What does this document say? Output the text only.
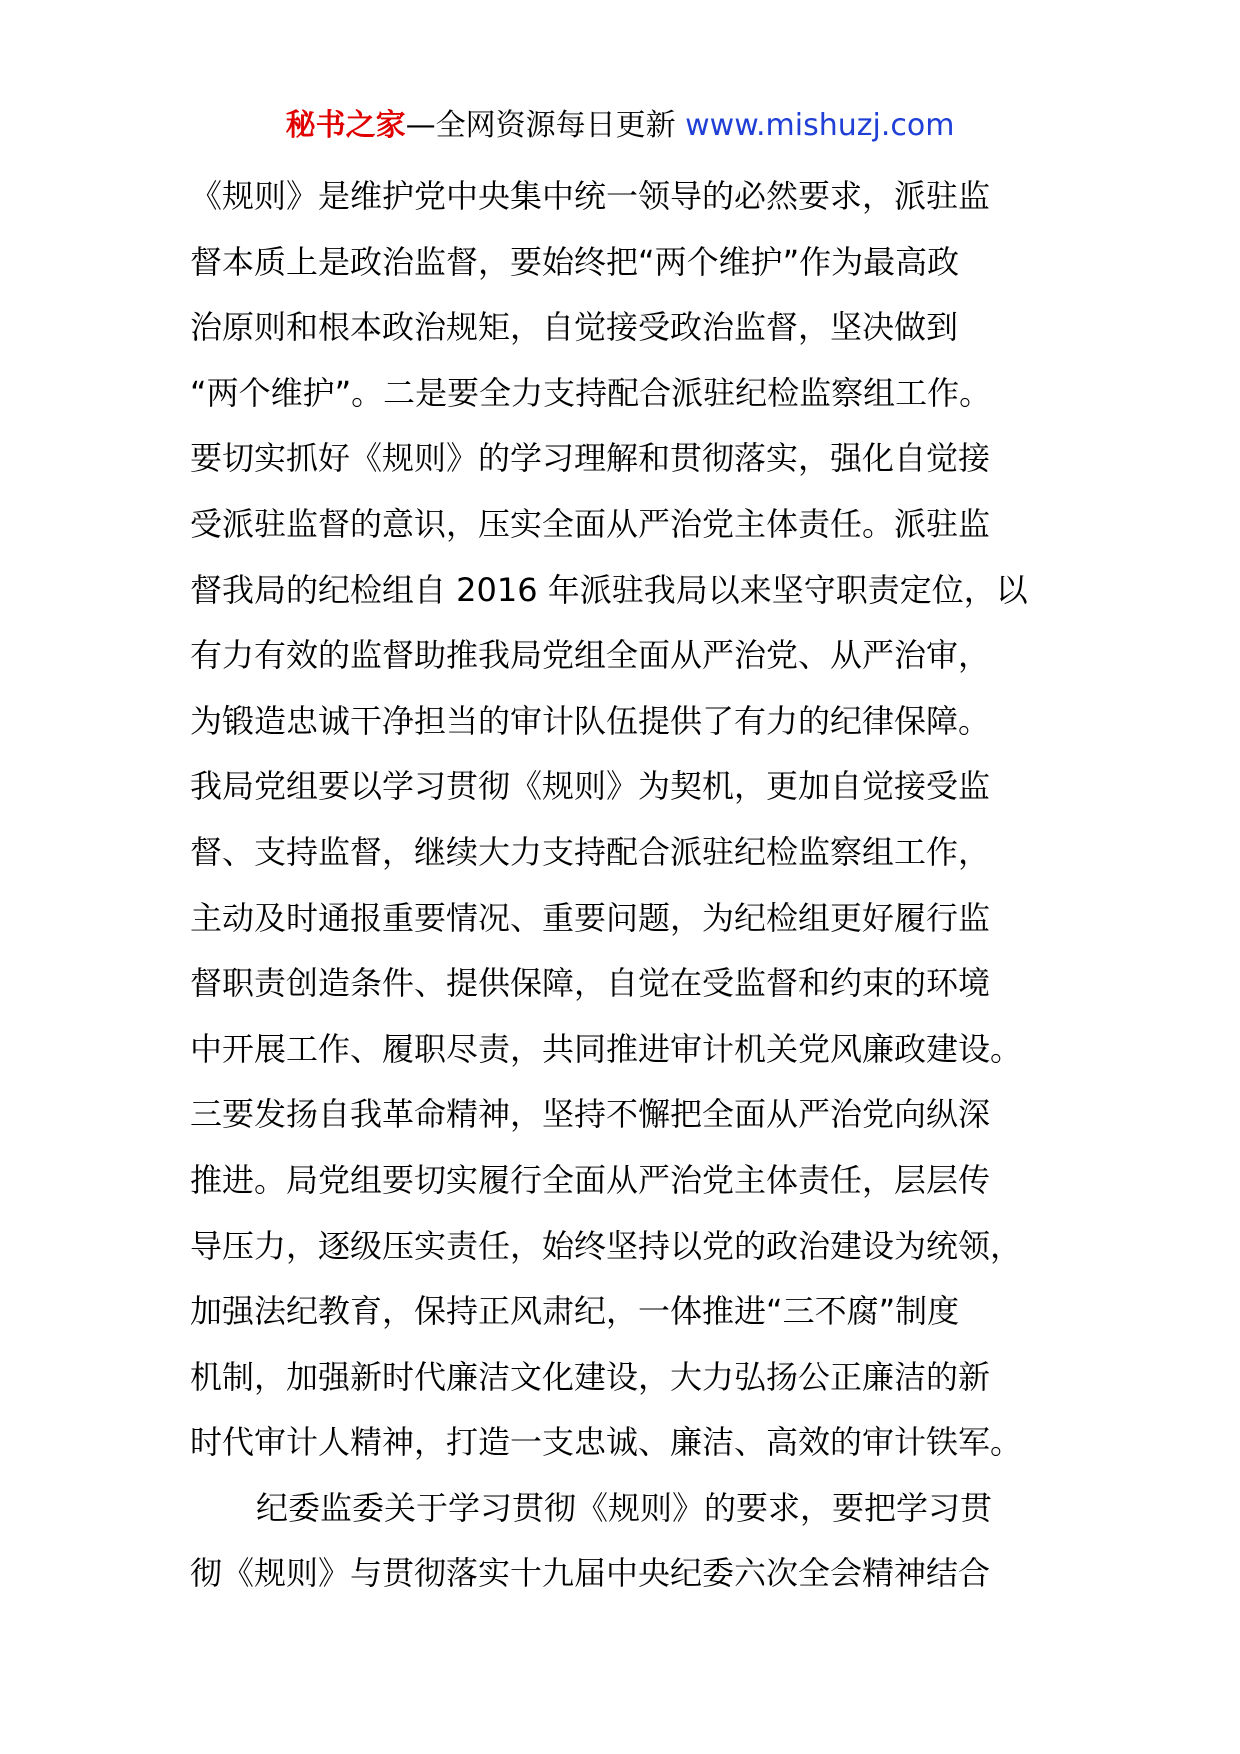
秘书之家—全网资源每日更新 www.mishuzj.com
《规则》是维护党中央集中统一领导的必然要求，派驻监
督本质上是政治监督，要始终把“两个维护”作为最高政
治原则和根本政治规矩，自觉接受政治监督，坚决做到
“两个维护”。二是要全力支持配合派驻纪检监察组工作。
要切实抓好《规则》的学习理解和贯彻落实，强化自觉接
受派驻监督的意识，压实全面从严治党主体责任。派驻监
督我局的纪检组自 2016 年派驻我局以来坚守职责定位，以
有力有效的监督助推我局党组全面从严治党、从严治审，
为锻造忠诚干净担当的审计队伍提供了有力的纪律保障。
我局党组要以学习贯彻《规则》为契机，更加自觉接受监
督、支持监督，继续大力支持配合派驻纪检监察组工作，
主动及时通报重要情况、重要问题，为纪检组更好履行监
督职责创造条件、提供保障，自觉在受监督和约束的环境
中开展工作、履职尽责，共同推进审计机关党风廉政建设。
三要发扬自我革命精神，坚持不懈把全面从严治党向纵深
推进。局党组要切实履行全面从严治党主体责任，层层传
导压力，逐级压实责任，始终坚持以党的政治建设为统领，
加强法纪教育，保持正风肃纪，一体推进“三不腐”制度
机制，加强新时代廉洁文化建设，大力弘扬公正廉洁的新
时代审计人精神，打造一支忠诚、廉洁、高效的审计铁军。
纪委监委关于学习贯彻《规则》的要求，要把学习贯
彻《规则》与贯彻落实十九届中央纪委六次全会精神结合
